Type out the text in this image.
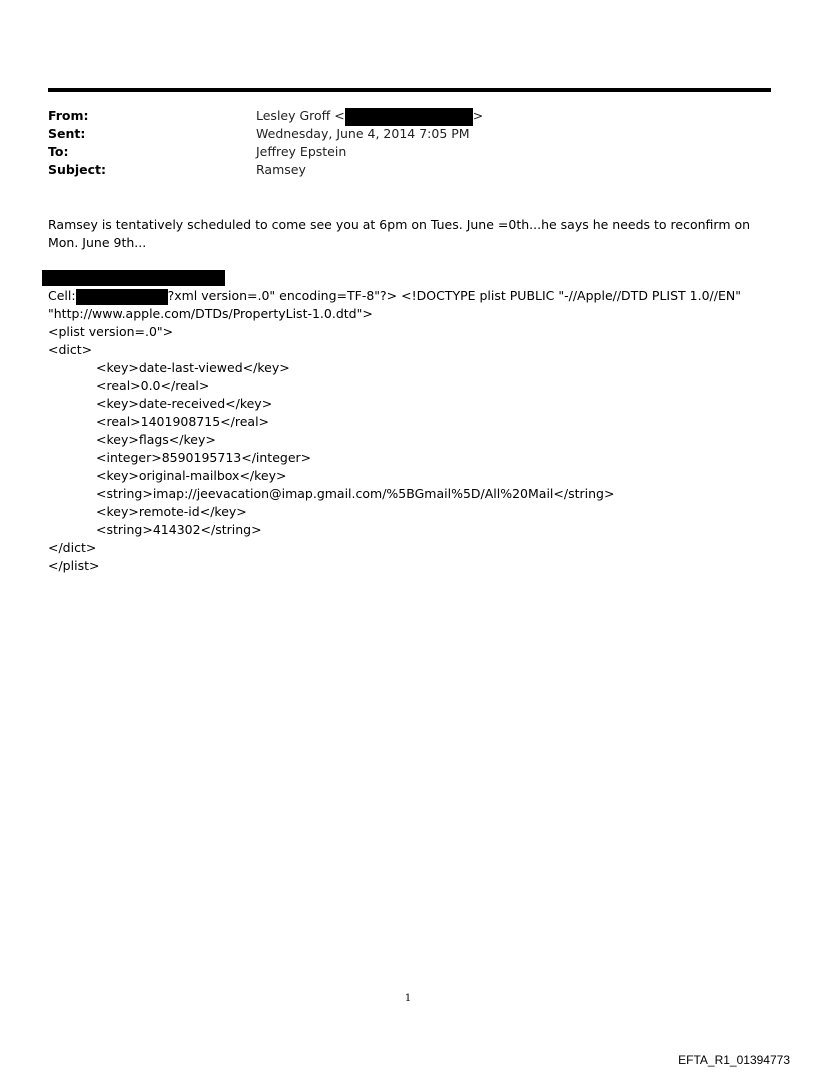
From:	Lesley Groff <	>
Sent:	Wednesday, June 4, 2014 7:05 PM
To:	Jeffrey Epstein
Subject:	Ramsey
Ramsey is tentatively scheduled to come see you at 6pm on Tues. June =0th...he says he needs to reconfirm on Mon. June 9th...
Cell:	?xml version=.0" encoding=TF-8"?> <!DOCTYPE plist PUBLIC "-//Apple//DTD PLIST 1.0//EN"
"http://www.apple.com/DTDs/PropertyList-1.0.dtd">
<plist version=.0">
<dict>
<key>date-last-viewed</key>
<real>0.0</real>
<key>date-received</key>
<real>1401908715</real>
<key>flags</key>
<integer>8590195713</integer>
<key>original-mailbox</key>
<string>imap://jeevacation@imap.gmail.com/%5BGmail%5D/All%20Mail</string>
<key>remote-id</key>
<string>414302</string>
</dict>
</plist>
1
EFTA_R1_01394773
